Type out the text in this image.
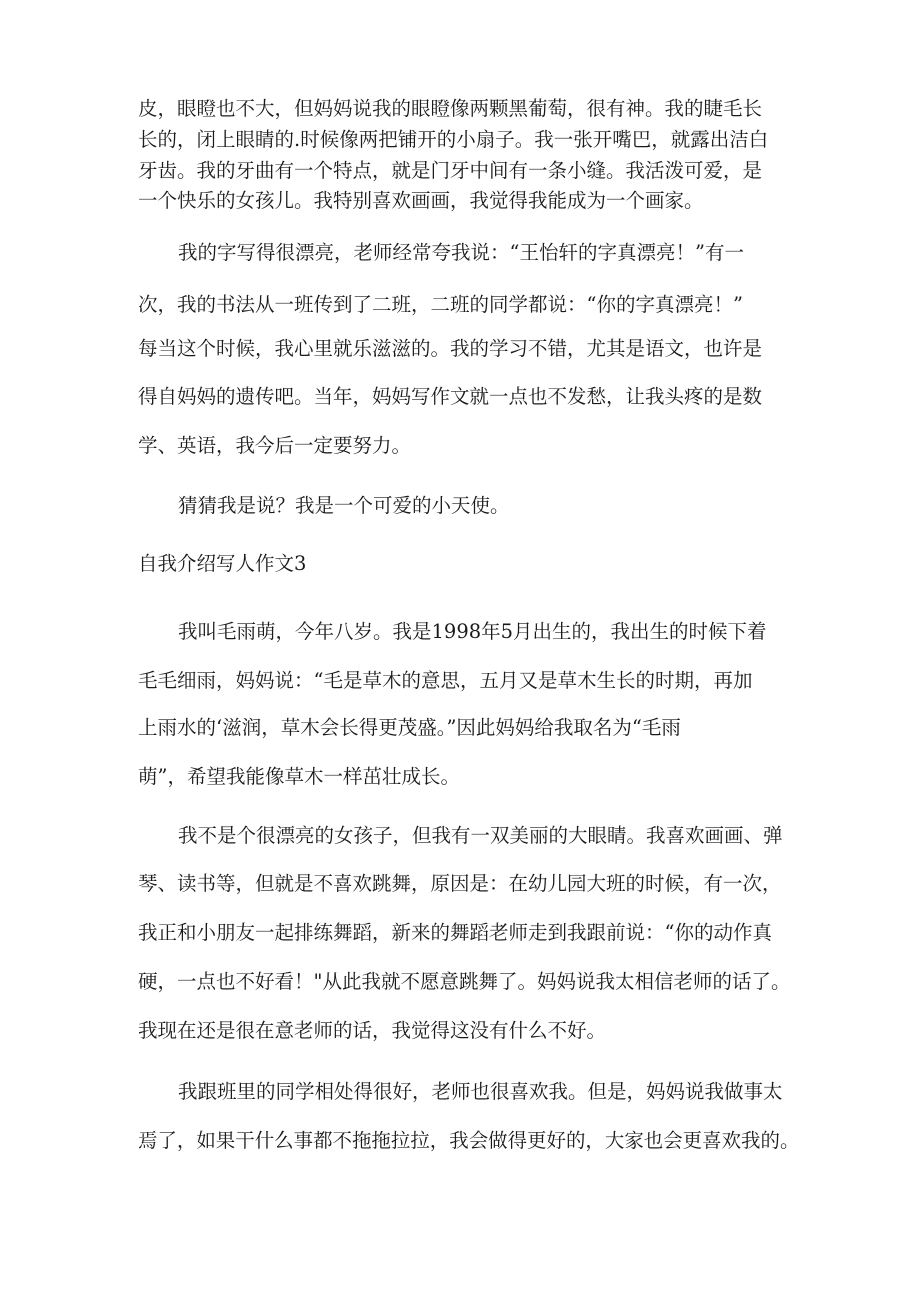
皮，眼瞪也不大，但妈妈说我的眼瞪像两颗黑葡萄，很有神。我的睫毛长
长的，闭上眼睛的.时候像两把铺开的小扇子。我一张开嘴巴，就露出洁白
牙齿。我的牙曲有一个特点，就是门牙中间有一条小缝。我活泼可爱，是
一个快乐的女孩儿。我特别喜欢画画，我觉得我能成为一个画家。
我的字写得很漂亮，老师经常夸我说：“王怡轩的字真漂亮！”有一
次，我的书法从一班传到了二班，二班的同学都说：“你的字真漂亮！”
每当这个时候，我心里就乐滋滋的。我的学习不错，尤其是语文，也许是
得自妈妈的遗传吧。当年，妈妈写作文就一点也不发愁，让我头疼的是数
学、英语，我今后一定要努力。
猜猜我是说？我是一个可爱的小天使。
自我介绍写人作文3
我叫毛雨萌，今年八岁。我是1998年5月出生的，我出生的时候下着
毛毛细雨，妈妈说：“毛是草木的意思，五月又是草木生长的时期，再加
上雨水的‘滋润，草木会长得更茂盛。”因此妈妈给我取名为“毛雨
萌”，希望我能像草木一样茁壮成长。
我不是个很漂亮的女孩子，但我有一双美丽的大眼睛。我喜欢画画、弹
琴、读书等，但就是不喜欢跳舞，原因是：在幼儿园大班的时候，有一次，
我正和小朋友一起排练舞蹈，新来的舞蹈老师走到我跟前说：“你的动作真
硬，一点也不好看！"从此我就不愿意跳舞了。妈妈说我太相信老师的话了。
我现在还是很在意老师的话，我觉得这没有什么不好。
我跟班里的同学相处得很好，老师也很喜欢我。但是，妈妈说我做事太
焉了，如果干什么事都不拖拖拉拉，我会做得更好的，大家也会更喜欢我的。
